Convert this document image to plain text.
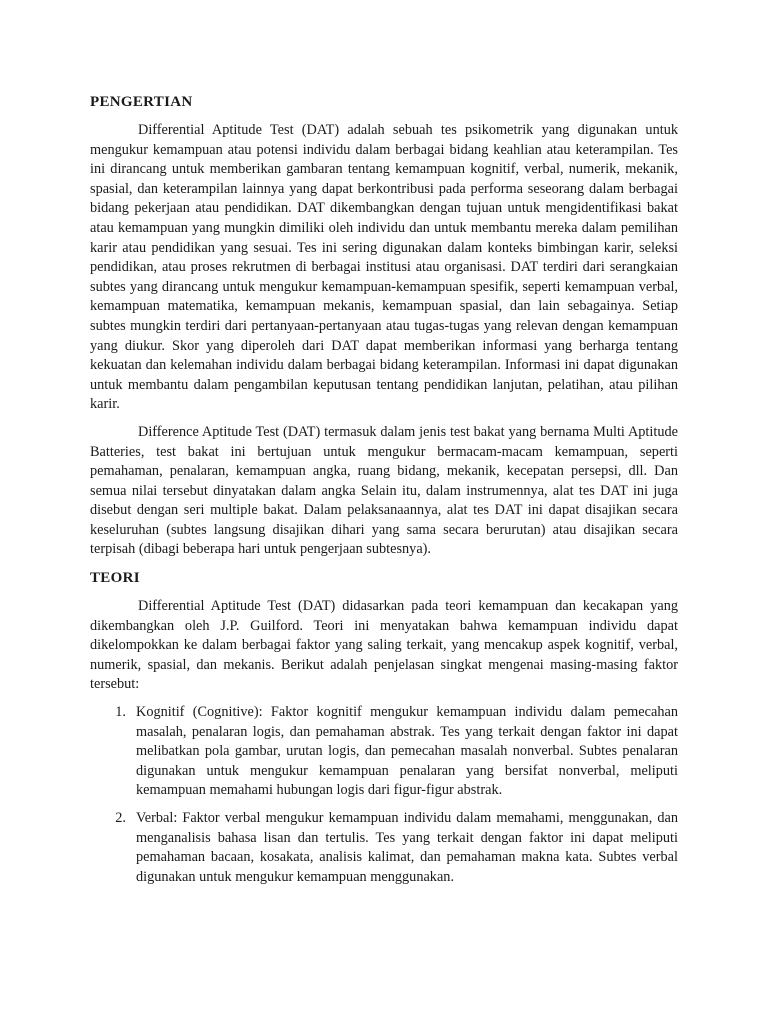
PENGERTIAN

Differential Aptitude Test (DAT) adalah sebuah tes psikometrik yang digunakan untuk mengukur kemampuan atau potensi individu dalam berbagai bidang keahlian atau keterampilan. Tes ini dirancang untuk memberikan gambaran tentang kemampuan kognitif, verbal, numerik, mekanik, spasial, dan keterampilan lainnya yang dapat berkontribusi pada performa seseorang dalam berbagai bidang pekerjaan atau pendidikan. DAT dikembangkan dengan tujuan untuk mengidentifikasi bakat atau kemampuan yang mungkin dimiliki oleh individu dan untuk membantu mereka dalam pemilihan karir atau pendidikan yang sesuai. Tes ini sering digunakan dalam konteks bimbingan karir, seleksi pendidikan, atau proses rekrutmen di berbagai institusi atau organisasi. DAT terdiri dari serangkaian subtes yang dirancang untuk mengukur kemampuan-kemampuan spesifik, seperti kemampuan verbal, kemampuan matematika, kemampuan mekanis, kemampuan spasial, dan lain sebagainya. Setiap subtes mungkin terdiri dari pertanyaan-pertanyaan atau tugas-tugas yang relevan dengan kemampuan yang diukur. Skor yang diperoleh dari DAT dapat memberikan informasi yang berharga tentang kekuatan dan kelemahan individu dalam berbagai bidang keterampilan. Informasi ini dapat digunakan untuk membantu dalam pengambilan keputusan tentang pendidikan lanjutan, pelatihan, atau pilihan karir.

Difference Aptitude Test (DAT) termasuk dalam jenis test bakat yang bernama Multi Aptitude Batteries, test bakat ini bertujuan untuk mengukur bermacam-macam kemampuan, seperti pemahaman, penalaran, kemampuan angka, ruang bidang, mekanik, kecepatan persepsi, dll. Dan semua nilai tersebut dinyatakan dalam angka Selain itu, dalam instrumennya, alat tes DAT ini juga disebut dengan seri multiple bakat. Dalam pelaksanaannya, alat tes DAT ini dapat disajikan secara keseluruhan (subtes langsung disajikan dihari yang sama secara berurutan) atau disajikan secara terpisah (dibagi beberapa hari untuk pengerjaan subtesnya).

TEORI

Differential Aptitude Test (DAT) didasarkan pada teori kemampuan dan kecakapan yang dikembangkan oleh J.P. Guilford. Teori ini menyatakan bahwa kemampuan individu dapat dikelompokkan ke dalam berbagai faktor yang saling terkait, yang mencakup aspek kognitif, verbal, numerik, spasial, dan mekanis. Berikut adalah penjelasan singkat mengenai masing-masing faktor tersebut:

1. Kognitif (Cognitive): Faktor kognitif mengukur kemampuan individu dalam pemecahan masalah, penalaran logis, dan pemahaman abstrak. Tes yang terkait dengan faktor ini dapat melibatkan pola gambar, urutan logis, dan pemecahan masalah nonverbal. Subtes penalaran digunakan untuk mengukur kemampuan penalaran yang bersifat nonverbal, meliputi kemampuan memahami hubungan logis dari figur-figur abstrak.
2. Verbal: Faktor verbal mengukur kemampuan individu dalam memahami, menggunakan, dan menganalisis bahasa lisan dan tertulis. Tes yang terkait dengan faktor ini dapat meliputi pemahaman bacaan, kosakata, analisis kalimat, dan pemahaman makna kata. Subtes verbal digunakan untuk mengukur kemampuan menggunakan.
